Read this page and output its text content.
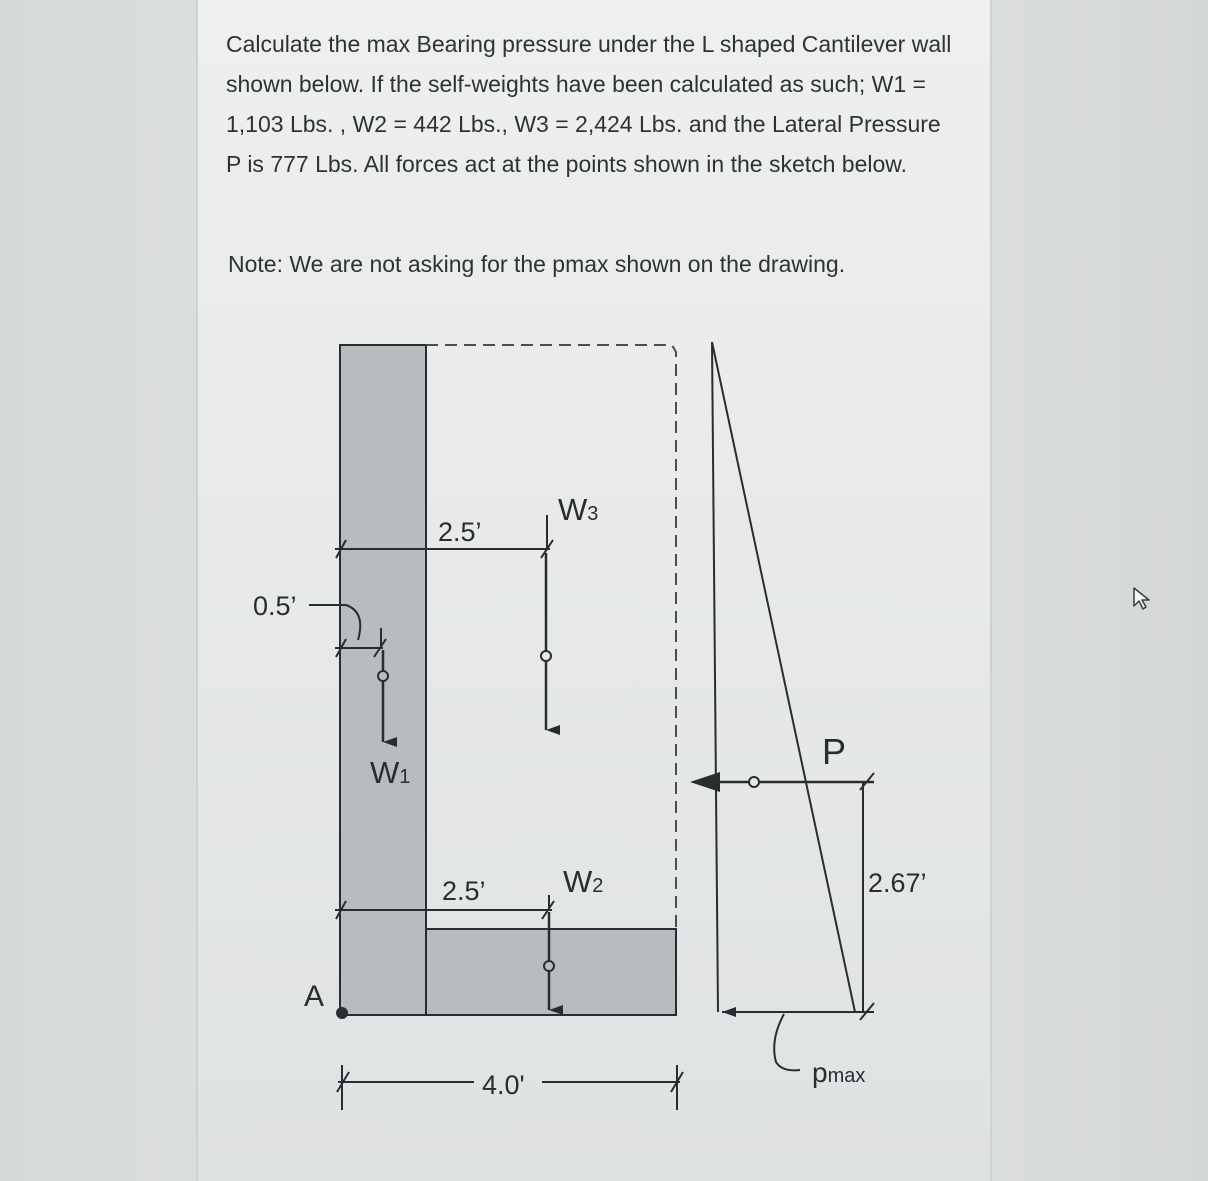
Calculate the max Bearing pressure under the L shaped Cantilever wall shown below. If the self-weights have been calculated as such; W1 = 1,103 Lbs. , W2 = 442 Lbs., W3 = 2,424 Lbs. and the Lateral Pressure P is 777 Lbs. All forces act at the points shown in the sketch below.

Note: We are not asking for the pmax shown on the drawing.

A
2.5’
W3
0.5’
W1
2.5’ W2
4.0'
P
2.67’
pmax
